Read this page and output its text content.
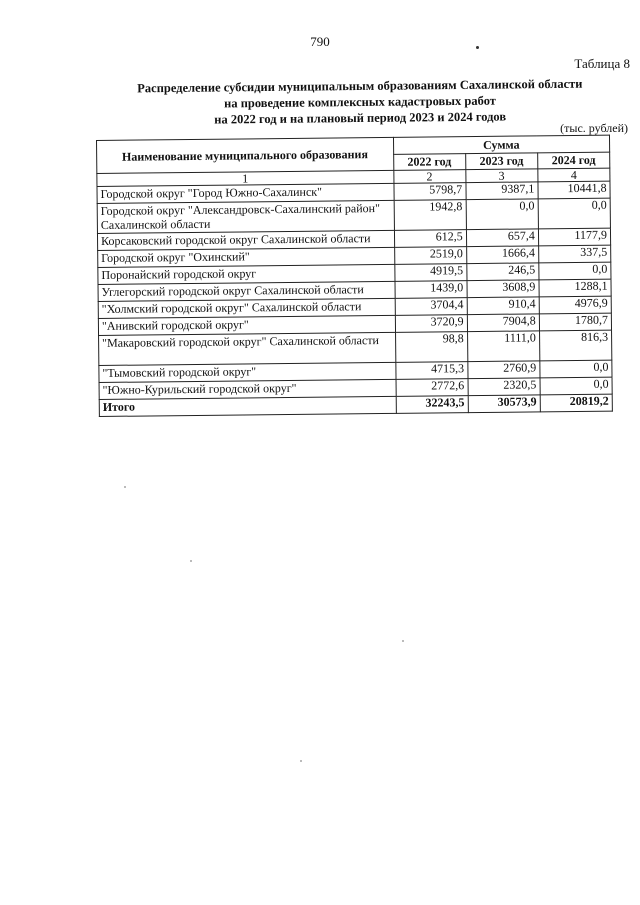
790
Таблица 8
Распределение субсидии муниципальным образованиям Сахалинской области
на проведение комплексных кадастровых работ
на 2022 год и на плановый период 2023 и 2024 годов
(тыс. рублей)
Наименование муниципального образования	Сумма		
	2022 год	2023 год	2024 год
1	2	3	4
Городской округ "Город Южно-Сахалинск"	5798,7	9387,1	10441,8
Городской округ "Александровск-Сахалинский район" Сахалинской области	1942,8	0,0	0,0
Корсаковский городской округ Сахалинской области	612,5	657,4	1177,9
Городской округ "Охинский"	2519,0	1666,4	337,5
Поронайский городской округ	4919,5	246,5	0,0
Углегорский городской округ Сахалинской области	1439,0	3608,9	1288,1
"Холмский городской округ" Сахалинской области	3704,4	910,4	4976,9
"Анивский городской округ"	3720,9	7904,8	1780,7
"Макаровский городской округ" Сахалинской области	98,8	1111,0	816,3
"Тымовский городской округ"	4715,3	2760,9	0,0
"Южно-Курильский городской округ"	2772,6	2320,5	0,0
Итого	32243,5	30573,9	20819,2
